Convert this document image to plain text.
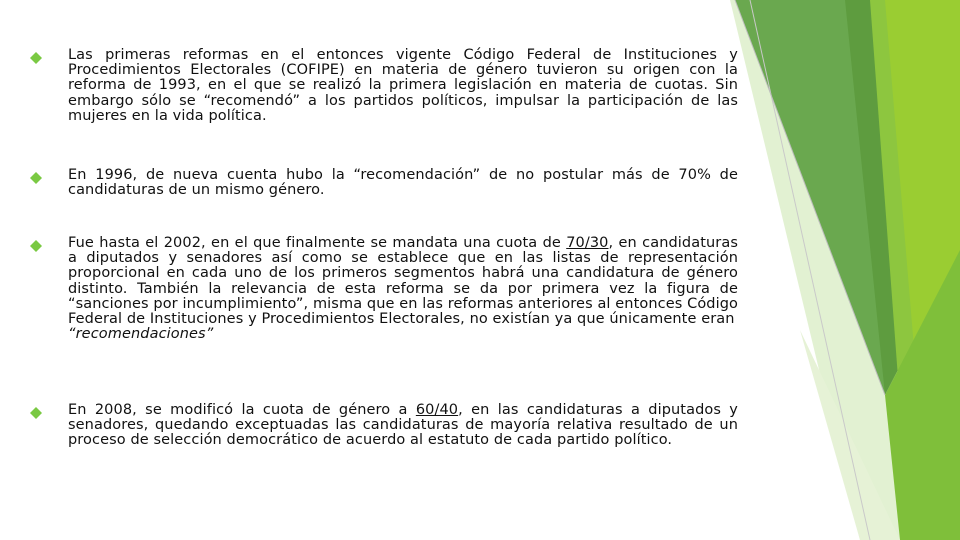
Las primeras reformas en el entonces vigente Código Federal de Instituciones y Procedimientos Electorales (COFIPE) en materia de género tuvieron su origen con la reforma de 1993, en el que se realizó la primera legislación en materia de cuotas. Sin embargo sólo se “recomendó” a los partidos políticos, impulsar la participación de las mujeres en la vida política.
En 1996, de nueva cuenta hubo la “recomendación” de no postular más de 70% de candidaturas de un mismo género.
Fue hasta el 2002, en el que finalmente se mandata una cuota de 70/30, en candidaturas a diputados y senadores así como se establece que en las listas de representación proporcional en cada uno de los primeros segmentos habrá una candidatura de género distinto. También la relevancia de esta reforma se da por primera vez la figura de “sanciones por incumplimiento”, misma que en las reformas anteriores al entonces Código Federal de Instituciones y Procedimientos Electorales, no existían ya que únicamente eran
“recomendaciones”
En 2008, se modificó la cuota de género a 60/40, en las candidaturas a diputados y senadores, quedando exceptuadas las candidaturas de mayoría relativa resultado de un proceso de selección democrático de acuerdo al estatuto de cada partido político.
